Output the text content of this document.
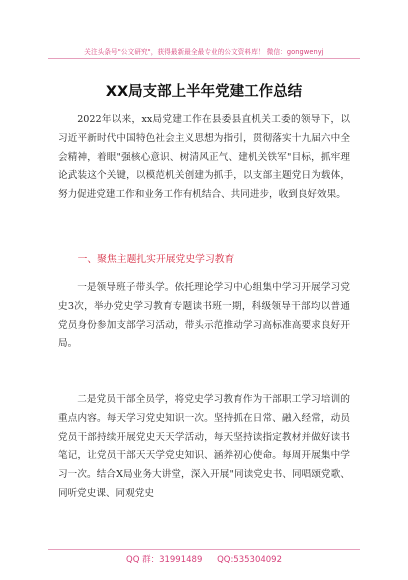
关注头条号"公文研究"，获得最新最全最专业的公文资料库！ 微信：gongwenyj
XX局支部上半年党建工作总结

2022年以来，xx局党建工作在县委县直机关工委的领导下，以习近平新时代中国特色社会主义思想为指引，贯彻落实十九届六中全会精神，着眼"强核心意识、树清风正气、建机关铁军"目标，抓牢理论武装这个关键，以模范机关创建为抓手，以支部主题党日为载体，努力促进党建工作和业务工作有机结合、共同进步，收到良好效果。

一、聚焦主题扎实开展党史学习教育

一是领导班子带头学。依托理论学习中心组集中学习开展学习党史3次，举办党史学习教育专题读书班一期，科级领导干部均以普通党员身份参加支部学习活动，带头示范推动学习高标准高要求良好开局。

二是党员干部全员学，将党史学习教育作为干部职工学习培训的重点内容。每天学习党史知识一次。坚持抓在日常、融入经常，动员党员干部持续开展党史天天学活动，每天坚持读指定教材并做好读书笔记，让党员干部天天学党史知识、涵养初心使命。每周开展集中学习一次。结合X局业务大讲堂，深入开展"同读党史书、同唱颂党歌、同听党史课、同观党史

QQ 群：31991489 QQ:535304092
